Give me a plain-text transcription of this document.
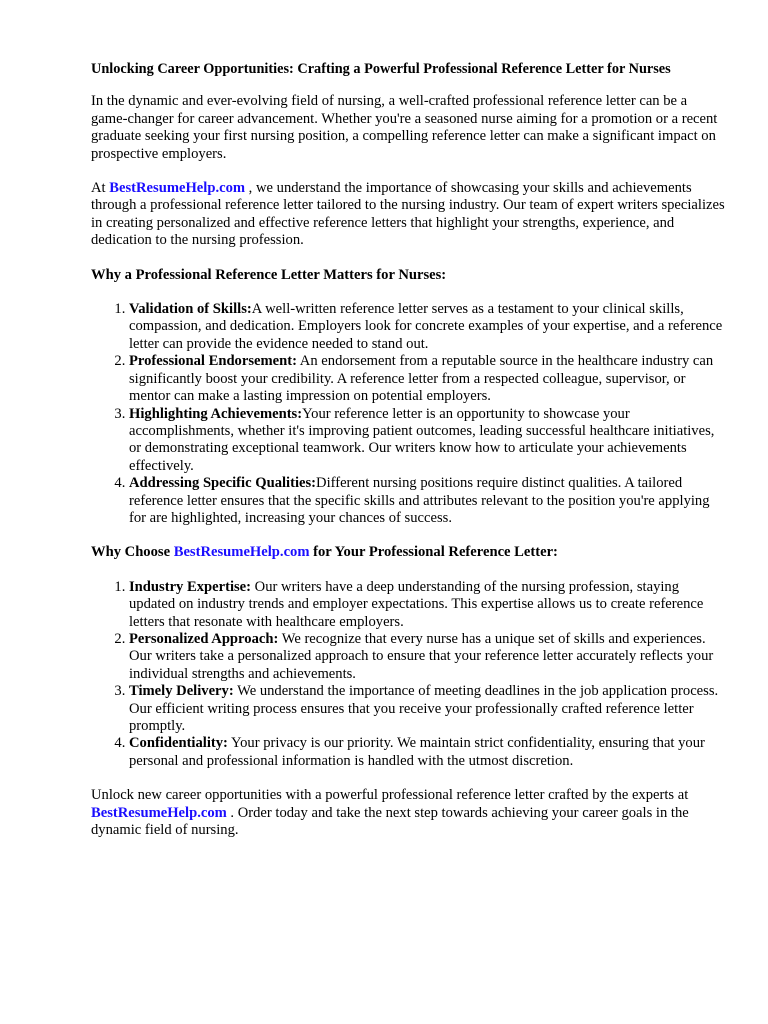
Unlocking Career Opportunities: Crafting a Powerful Professional Reference Letter for Nurses

In the dynamic and ever-evolving field of nursing, a well-crafted professional reference letter can be a game-changer for career advancement. Whether you're a seasoned nurse aiming for a promotion or a recent graduate seeking your first nursing position, a compelling reference letter can make a significant impact on prospective employers.

At BestResumeHelp.com , we understand the importance of showcasing your skills and achievements through a professional reference letter tailored to the nursing industry. Our team of expert writers specializes in creating personalized and effective reference letters that highlight your strengths, experience, and dedication to the nursing profession.

Why a Professional Reference Letter Matters for Nurses:
1. Validation of Skills:A well-written reference letter serves as a testament to your clinical skills, compassion, and dedication. Employers look for concrete examples of your expertise, and a reference letter can provide the evidence needed to stand out.
2. Professional Endorsement: An endorsement from a reputable source in the healthcare industry can significantly boost your credibility. A reference letter from a respected colleague, supervisor, or mentor can make a lasting impression on potential employers.
3. Highlighting Achievements:Your reference letter is an opportunity to showcase your accomplishments, whether it's improving patient outcomes, leading successful healthcare initiatives, or demonstrating exceptional teamwork. Our writers know how to articulate your achievements effectively.
4. Addressing Specific Qualities:Different nursing positions require distinct qualities. A tailored reference letter ensures that the specific skills and attributes relevant to the position you're applying for are highlighted, increasing your chances of success.
Why Choose BestResumeHelp.com for Your Professional Reference Letter:
1. Industry Expertise: Our writers have a deep understanding of the nursing profession, staying updated on industry trends and employer expectations. This expertise allows us to create reference letters that resonate with healthcare employers.
2. Personalized Approach: We recognize that every nurse has a unique set of skills and experiences. Our writers take a personalized approach to ensure that your reference letter accurately reflects your individual strengths and achievements.
3. Timely Delivery: We understand the importance of meeting deadlines in the job application process. Our efficient writing process ensures that you receive your professionally crafted reference letter promptly.
4. Confidentiality: Your privacy is our priority. We maintain strict confidentiality, ensuring that your personal and professional information is handled with the utmost discretion.

Unlock new career opportunities with a powerful professional reference letter crafted by the experts at BestResumeHelp.com . Order today and take the next step towards achieving your career goals in the dynamic field of nursing.
